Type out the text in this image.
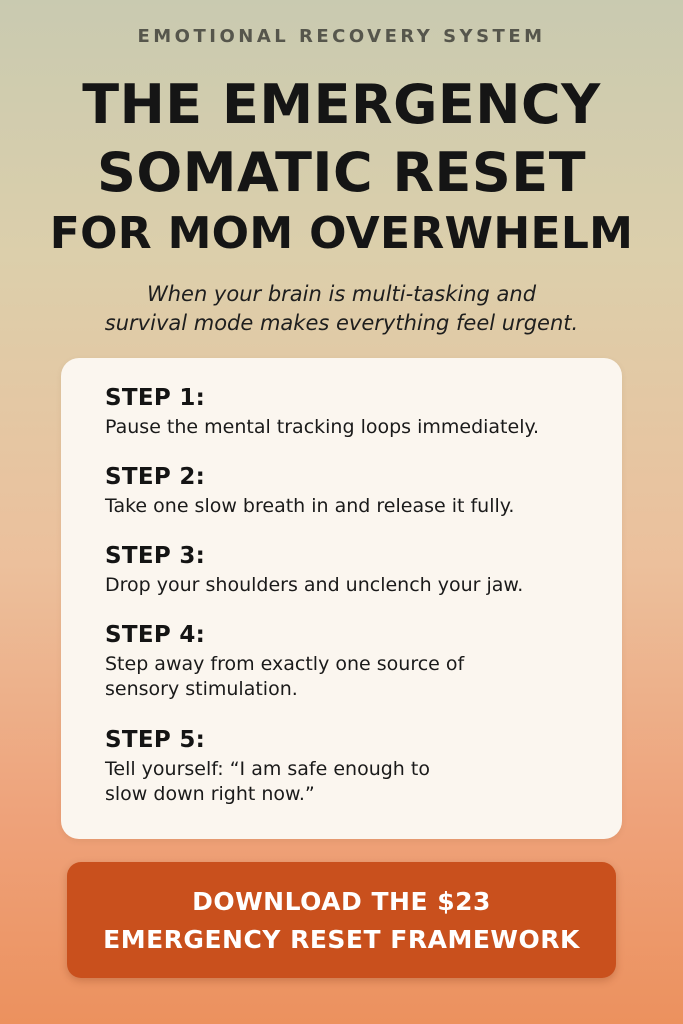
EMOTIONAL RECOVERY SYSTEM
THE EMERGENCY
SOMATIC RESET
FOR MOM OVERWHELM
When your brain is multi-tasking and
survival mode makes everything feel urgent.
STEP 1:
Pause the mental tracking loops immediately.
STEP 2:
Take one slow breath in and release it fully.
STEP 3:
Drop your shoulders and unclench your jaw.
STEP 4:
Step away from exactly one source of
sensory stimulation.
STEP 5:
Tell yourself: “I am safe enough to
slow down right now.”
DOWNLOAD THE $23
EMERGENCY RESET FRAMEWORK
